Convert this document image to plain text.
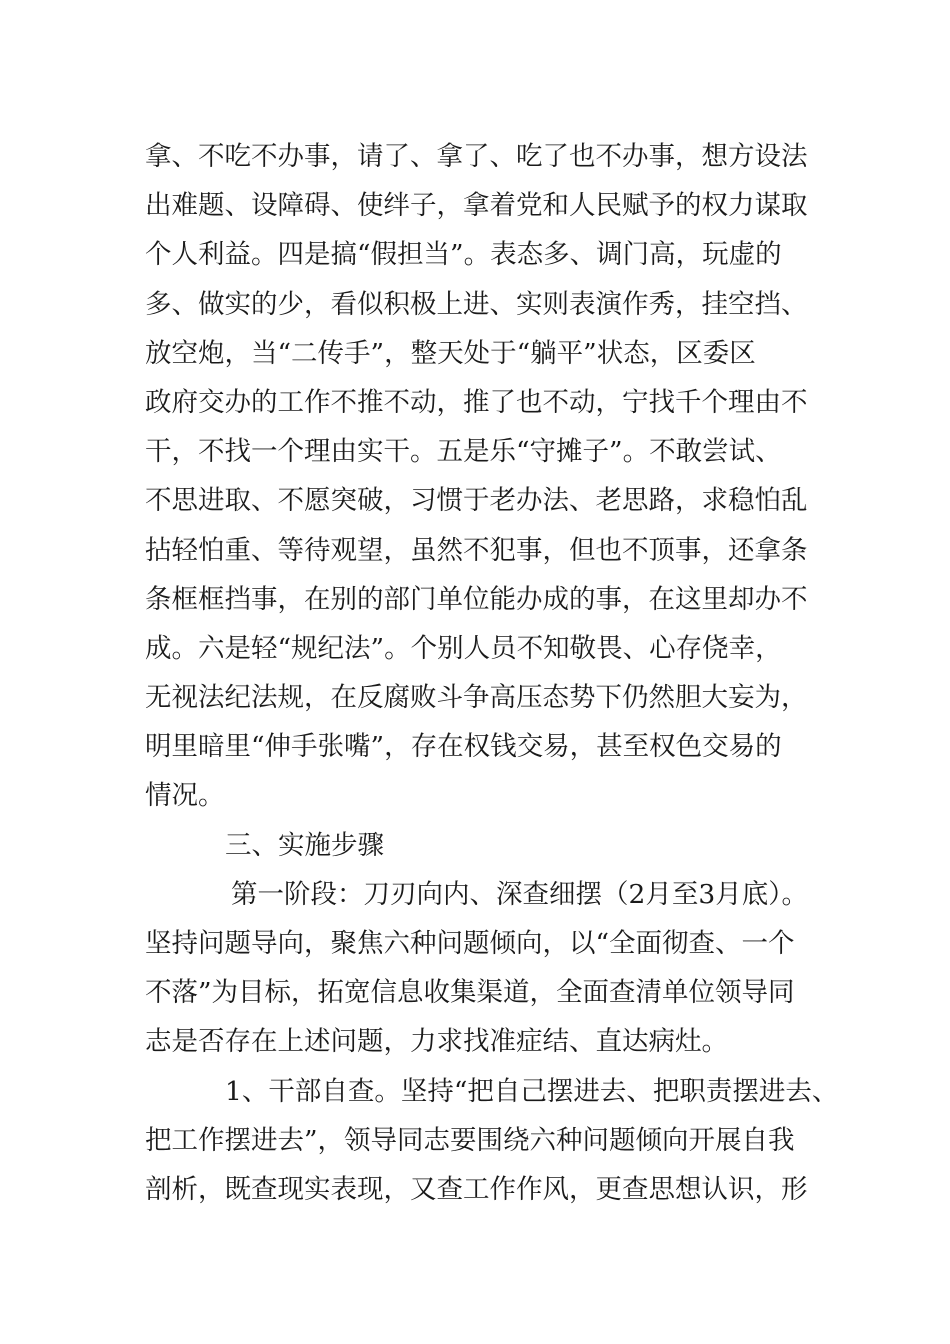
拿、不吃不办事，请了、拿了、吃了也不办事，想方设法
出难题、设障碍、使绊子，拿着党和人民赋予的权力谋取
个人利益。四是搞“假担当”。表态多、调门高，玩虚的
多、做实的少，看似积极上进、实则表演作秀，挂空挡、
放空炮，当“二传手”，整天处于“躺平”状态，区委区
政府交办的工作不推不动，推了也不动，宁找千个理由不
干，不找一个理由实干。五是乐“守摊子”。不敢尝试、
不思进取、不愿突破，习惯于老办法、老思路，求稳怕乱
拈轻怕重、等待观望，虽然不犯事，但也不顶事，还拿条
条框框挡事，在别的部门单位能办成的事，在这里却办不
成。六是轻“规纪法”。个别人员不知敬畏、心存侥幸，
无视法纪法规，在反腐败斗争高压态势下仍然胆大妄为，
明里暗里“伸手张嘴”，存在权钱交易，甚至权色交易的
情况。
三、实施步骤
第一阶段：刀刃向内、深查细摆（2月至3月底）。
坚持问题导向，聚焦六种问题倾向，以“全面彻查、一个
不落”为目标，拓宽信息收集渠道，全面查清单位领导同
志是否存在上述问题，力求找准症结、直达病灶。
1、干部自查。坚持“把自己摆进去、把职责摆进去、
把工作摆进去”，领导同志要围绕六种问题倾向开展自我
剖析，既查现实表现，又查工作作风，更查思想认识，形
